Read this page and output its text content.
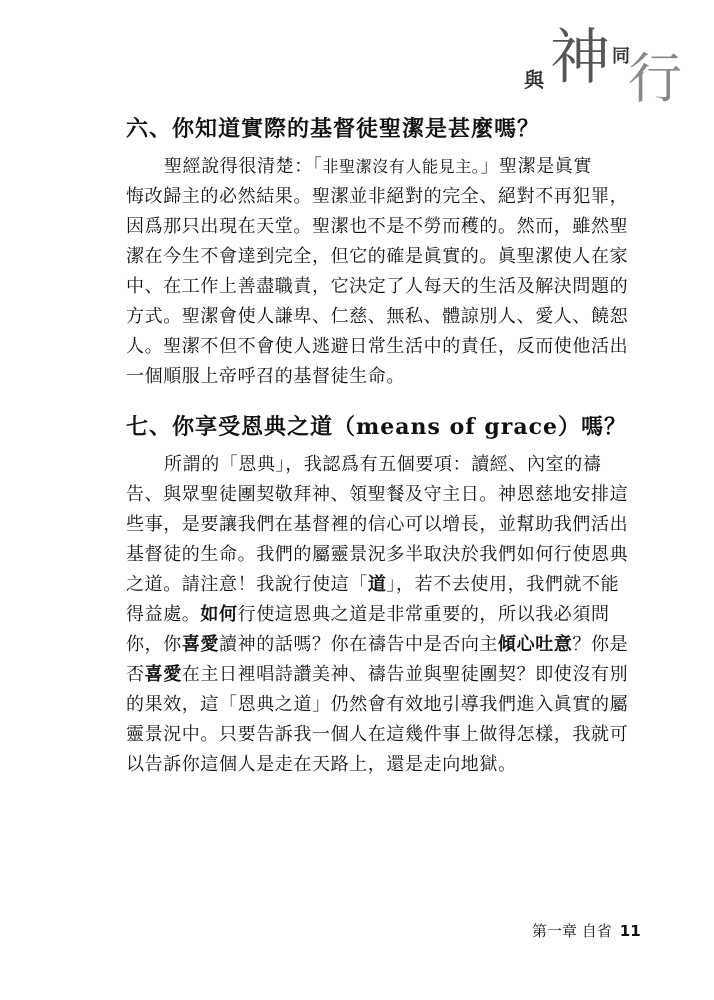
與 神 同
行
六、你知道實際的基督徒聖潔是甚麼嗎？
聖經說得很清楚：「非聖潔沒有人能見主。」聖潔是眞實
悔改歸主的必然結果。聖潔並非絕對的完全、絕對不再犯罪，
因爲那只出現在天堂。聖潔也不是不勞而穫的。然而，雖然聖
潔在今生不會達到完全，但它的確是眞實的。眞聖潔使人在家
中、在工作上善盡職責，它決定了人每天的生活及解決問題的
方式。聖潔會使人謙卑、仁慈、無私、體諒別人、愛人、饒恕
人。聖潔不但不會使人逃避日常生活中的責任，反而使他活出
一個順服上帝呼召的基督徒生命。
七、你享受恩典之道（means of grace）嗎？
所謂的「恩典」，我認爲有五個要項：讀經、內室的禱
告、與眾聖徒團契敬拜神、領聖餐及守主日。神恩慈地安排這
些事，是要讓我們在基督裡的信心可以增長，並幫助我們活出
基督徒的生命。我們的屬靈景況多半取決於我們如何行使恩典
之道。請注意！我說行使這「道」，若不去使用，我們就不能
得益處。如何行使這恩典之道是非常重要的，所以我必須問
你，你喜愛讀神的話嗎？你在禱告中是否向主傾心吐意？你是
否喜愛在主日裡唱詩讚美神、禱告並與聖徒團契？即使沒有別
的果效，這「恩典之道」仍然會有效地引導我們進入眞實的屬
靈景況中。只要告訴我一個人在這幾件事上做得怎樣，我就可
以告訴你這個人是走在天路上，還是走向地獄。
第一章 自省 11
